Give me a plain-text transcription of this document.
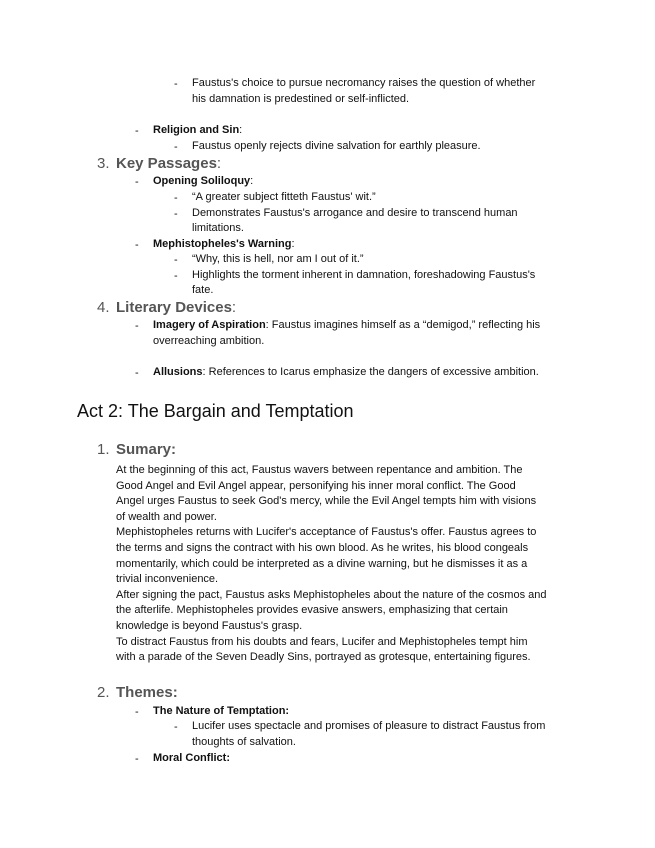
- Faustus's choice to pursue necromancy raises the question of whether
his damnation is predestined or self-inflicted.
- Religion and Sin:
- Faustus openly rejects divine salvation for earthly pleasure.
3. Key Passages:
- Opening Soliloquy:
- “A greater subject fitteth Faustus' wit.”
- Demonstrates Faustus's arrogance and desire to transcend human
limitations.
- Mephistopheles's Warning:
- “Why, this is hell, nor am I out of it.”
- Highlights the torment inherent in damnation, foreshadowing Faustus's
fate.
4. Literary Devices:
- Imagery of Aspiration: Faustus imagines himself as a “demigod,” reflecting his
overreaching ambition.
- Allusions: References to Icarus emphasize the dangers of excessive ambition.
Act 2: The Bargain and Temptation
1. Sumary:
At the beginning of this act, Faustus wavers between repentance and ambition. The
Good Angel and Evil Angel appear, personifying his inner moral conflict. The Good
Angel urges Faustus to seek God's mercy, while the Evil Angel tempts him with visions
of wealth and power.
Mephistopheles returns with Lucifer's acceptance of Faustus's offer. Faustus agrees to
the terms and signs the contract with his own blood. As he writes, his blood congeals
momentarily, which could be interpreted as a divine warning, but he dismisses it as a
trivial inconvenience.
After signing the pact, Faustus asks Mephistopheles about the nature of the cosmos and
the afterlife. Mephistopheles provides evasive answers, emphasizing that certain
knowledge is beyond Faustus's grasp.
To distract Faustus from his doubts and fears, Lucifer and Mephistopheles tempt him
with a parade of the Seven Deadly Sins, portrayed as grotesque, entertaining figures.
2. Themes:
- The Nature of Temptation:
- Lucifer uses spectacle and promises of pleasure to distract Faustus from
thoughts of salvation.
- Moral Conflict:
